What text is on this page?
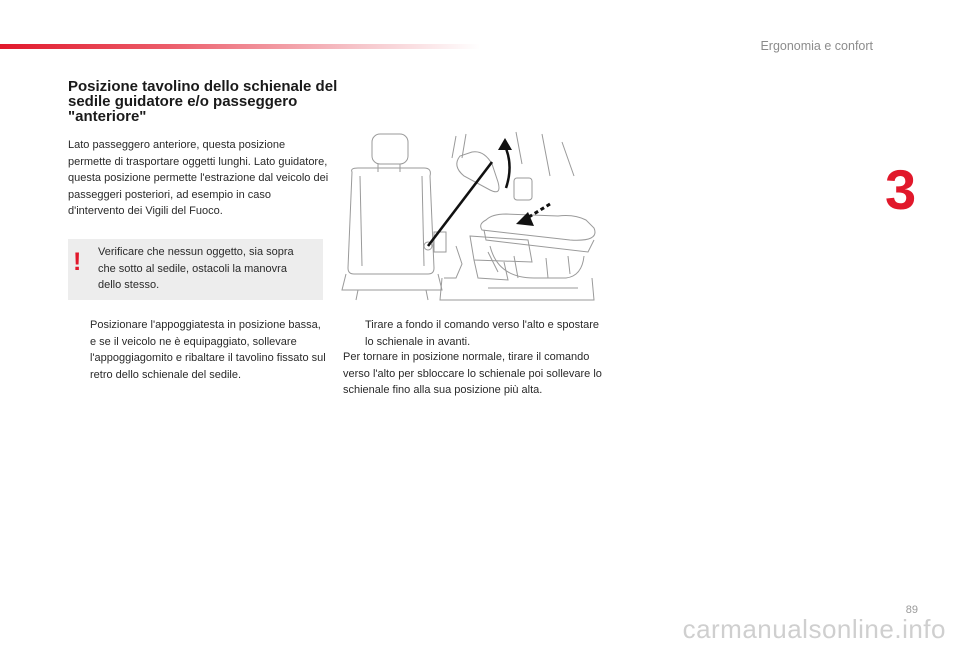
Ergonomia e confort
3
Posizione tavolino dello schienale del sedile guidatore e/o passeggero "anteriore"

Lato passeggero anteriore, questa posizione permette di trasportare oggetti lunghi. Lato guidatore, questa posizione permette l'estrazione dal veicolo dei passeggeri posteriori, ad esempio in caso d'intervento dei Vigili del Fuoco.

! Verificare che nessun oggetto, sia sopra che sotto al sedile, ostacoli la manovra dello stesso.
Posizionare l'appoggiatesta in posizione bassa, e se il veicolo ne è equipaggiato, sollevare l'appoggiagomito e ribaltare il tavolino fissato sul retro dello schienale del sedile.
Tirare a fondo il comando verso l'alto e spostare lo schienale in avanti.
Per tornare in posizione normale, tirare il comando verso l'alto per sbloccare lo schienale poi sollevare lo schienale fino alla sua posizione più alta.
89
carmanualsonline.info
